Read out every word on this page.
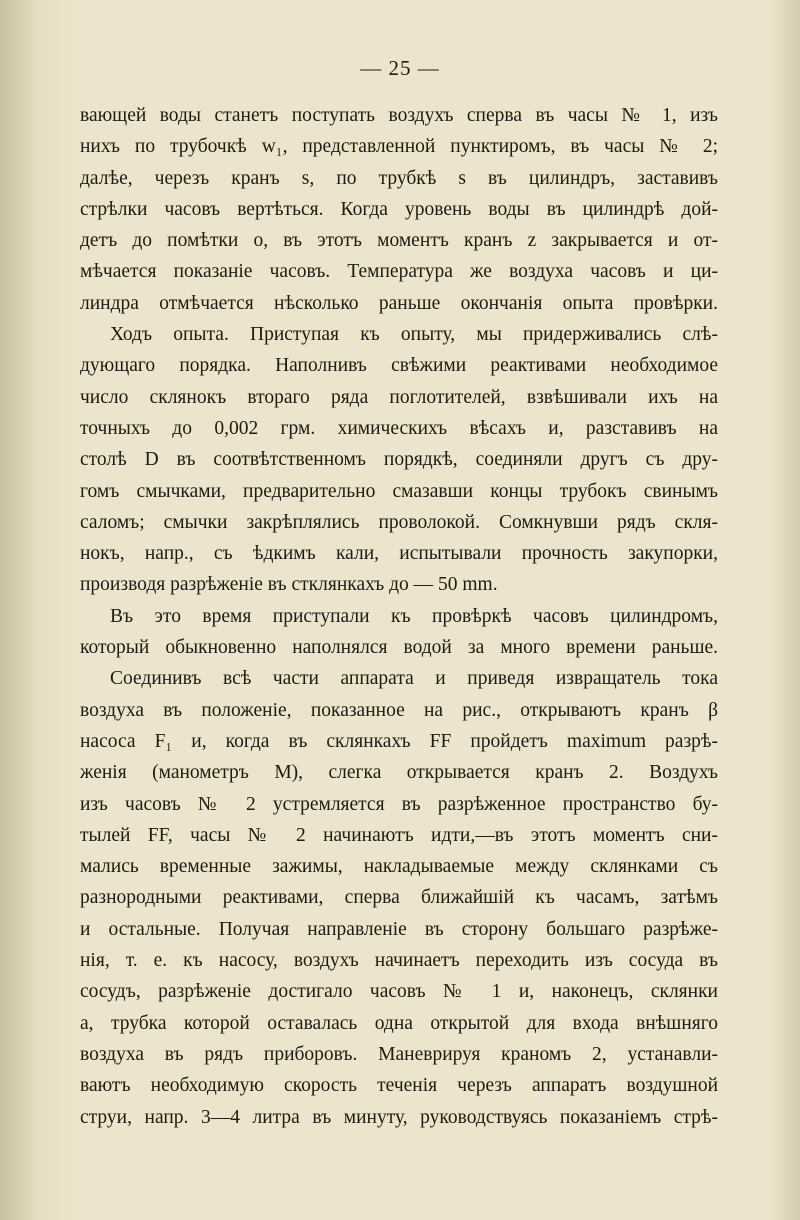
— 25 —
вающей воды станетъ поступать воздухъ сперва въ часы № 1, изъ
нихъ по трубочкѣ w₁, представленной пунктиромъ, въ часы № 2;
далѣе, черезъ кранъ s, по трубкѣ s въ цилиндръ, заставивъ
стрѣлки часовъ вертѣться. Когда уровень воды въ цилиндрѣ дой-
детъ до помѣтки o, въ этотъ моментъ кранъ z закрывается и от-
мѣчается показаніе часовъ. Температура же воздуха часовъ и ци-
линдра отмѣчается нѣсколько раньше окончанія опыта провѣрки.
Ходъ опыта. Приступая къ опыту, мы придерживались слѣ-
дующаго порядка. Наполнивъ свѣжими реактивами необходимое
число склянокъ втораго ряда поглотителей, взвѣшивали ихъ на
точныхъ до 0,002 грм. химическихъ вѣсахъ и, разставивъ на
столѣ D въ соотвѣтственномъ порядкѣ, соединяли другъ съ дру-
гомъ смычками, предварительно смазавши концы трубокъ свинымъ
саломъ; смычки закрѣплялись проволокой. Сомкнувши рядъ скля-
нокъ, напр., съ ѣдкимъ кали, испытывали прочность закупорки,
производя разрѣженіе въ стклянкахъ до — 50 mm.
Въ это время приступали къ провѣркѣ часовъ цилиндромъ,
который обыкновенно наполнялся водой за много времени раньше.
Соединивъ всѣ части аппарата и приведя извращатель тока
воздуха въ положеніе, показанное на рис., открываютъ кранъ β
насоса F₁ и, когда въ склянкахъ FF пройдетъ maximum разрѣ-
женія (манометръ M), слегка открывается кранъ 2. Воздухъ
изъ часовъ № 2 устремляется въ разрѣженное пространство бу-
тылей FF, часы № 2 начинаютъ идти,—въ этотъ моментъ сни-
мались временные зажимы, накладываемые между склянками съ
разнородными реактивами, сперва ближайшій къ часамъ, затѣмъ
и остальные. Получая направленіе въ сторону большаго разрѣже-
нія, т. е. къ насосу, воздухъ начинаетъ переходить изъ сосуда въ
сосудъ, разрѣженіе достигало часовъ № 1 и, наконецъ, склянки
a, трубка которой оставалась одна открытой для входа внѣшняго
воздуха въ рядъ приборовъ. Маневрируя краномъ 2, устанавли-
ваютъ необходимую скорость теченія черезъ аппаратъ воздушной
струи, напр. 3—4 литра въ минуту, руководствуясь показаніемъ стрѣ-
